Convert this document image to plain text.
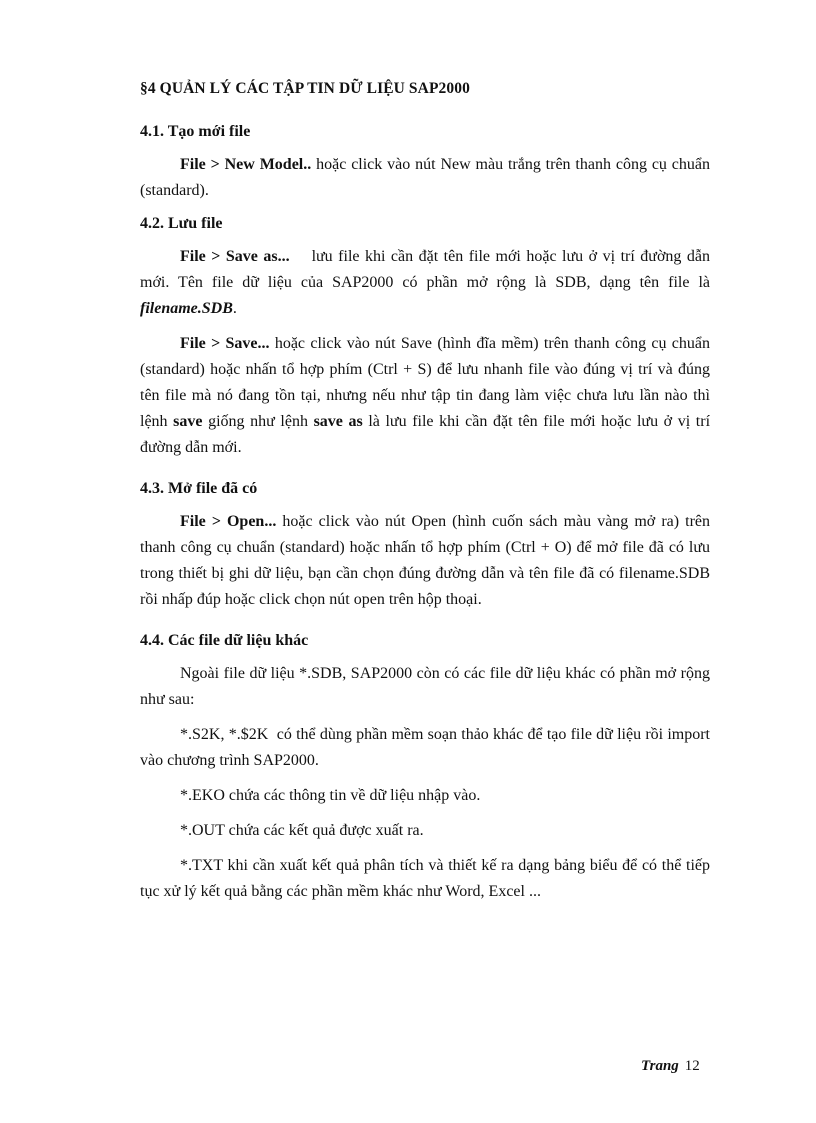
§4 QUẢN LÝ CÁC TẬP TIN DỮ LIỆU SAP2000
4.1. Tạo mới file

File > New Model.. hoặc click vào nút New màu trắng trên thanh công cụ chuẩn (standard).

4.2. Lưu file

File > Save as...    lưu file khi cần đặt tên file mới hoặc lưu ở vị trí đường dẫn mới. Tên file dữ liệu của SAP2000 có phần mở rộng là SDB, dạng tên file là filename.SDB.

File > Save... hoặc click vào nút Save (hình đĩa mềm) trên thanh công cụ chuẩn (standard) hoặc nhấn tổ hợp phím (Ctrl + S) để lưu nhanh file vào đúng vị trí và đúng tên file mà nó đang tồn tại, nhưng nếu như tập tin đang làm việc chưa lưu lần nào thì lệnh save giống như lệnh save as là lưu file khi cần đặt tên file mới hoặc lưu ở vị trí đường dẫn mới.

4.3. Mở file đã có

File > Open... hoặc click vào nút Open (hình cuốn sách màu vàng mở ra) trên thanh công cụ chuẩn (standard) hoặc nhấn tổ hợp phím (Ctrl + O) để mở file đã có lưu trong thiết bị ghi dữ liệu, bạn cần chọn đúng đường dẫn và tên file đã có filename.SDB rồi nhấp đúp hoặc click chọn nút open trên hộp thoại.

4.4. Các file dữ liệu khác

Ngoài file dữ liệu *.SDB, SAP2000 còn có các file dữ liệu khác có phần mở rộng như sau:

*.S2K, *.$2K  có thể dùng phần mềm soạn thảo khác để tạo file dữ liệu rồi import vào chương trình SAP2000.

*.EKO chứa các thông tin về dữ liệu nhập vào.

*.OUT chứa các kết quả được xuất ra.

*.TXT khi cần xuất kết quả phân tích và thiết kế ra dạng bảng biểu để có thể tiếp tục xử lý kết quả bằng các phần mềm khác như Word, Excel ...

Trang 12
